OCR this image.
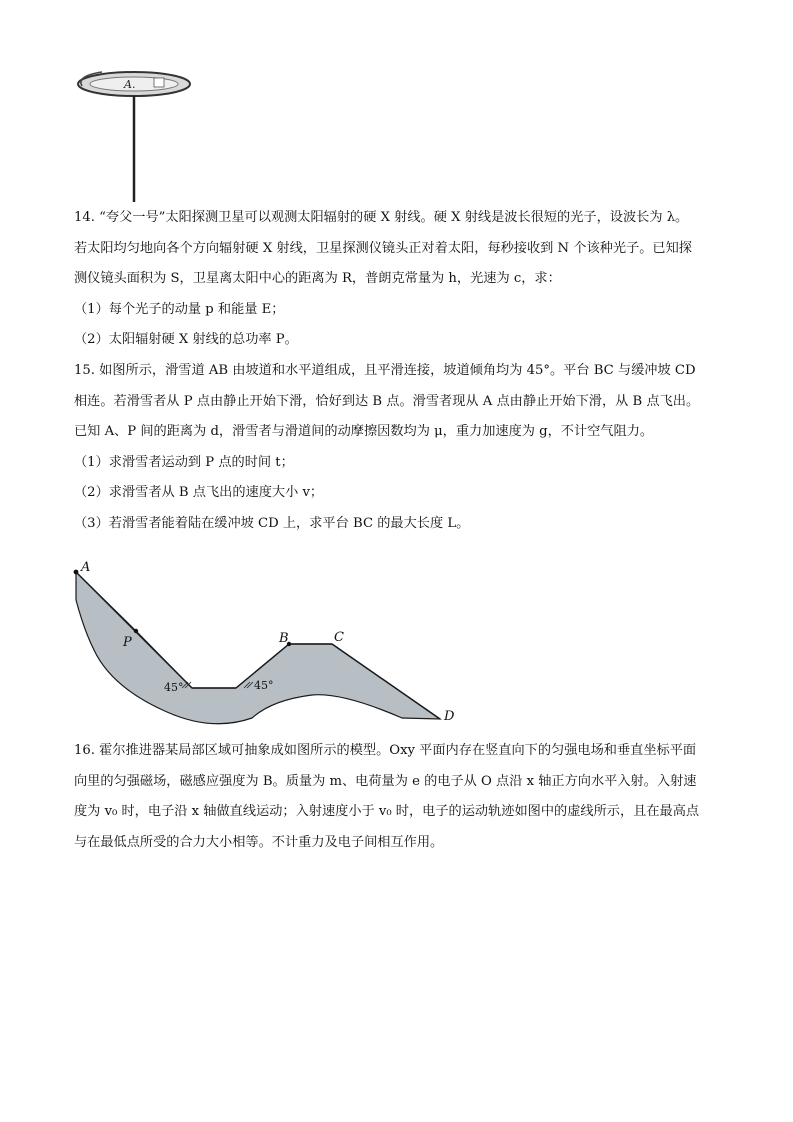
A.
14. “夸父一号”太阳探测卫星可以观测太阳辐射的硬 X 射线。硬 X 射线是波长很短的光子，设波长为 λ。
若太阳均匀地向各个方向辐射硬 X 射线，卫星探测仪镜头正对着太阳，每秒接收到 N 个该种光子。已知探
测仪镜头面积为 S，卫星离太阳中心的距离为 R，普朗克常量为 h，光速为 c，求：
（1）每个光子的动量 p 和能量 E；
（2）太阳辐射硬 X 射线的总功率 P。
15. 如图所示，滑雪道 AB 由坡道和水平道组成，且平滑连接，坡道倾角均为 45°。平台 BC 与缓冲坡 CD
相连。若滑雪者从 P 点由静止开始下滑，恰好到达 B 点。滑雪者现从 A 点由静止开始下滑，从 B 点飞出。
已知 A、P 间的距离为 d，滑雪者与滑道间的动摩擦因数均为 μ，重力加速度为 g，不计空气阻力。
（1）求滑雪者运动到 P 点的时间 t；
（2）求滑雪者从 B 点飞出的速度大小 v；
（3）若滑雪者能着陆在缓冲坡 CD 上，求平台 BC 的最大长度 L。
A
P	B	C
D
45°	45°
16. 霍尔推进器某局部区域可抽象成如图所示的模型。Oxy 平面内存在竖直向下的匀强电场和垂直坐标平面
向里的匀强磁场，磁感应强度为 B。质量为 m、电荷量为 e 的电子从 O 点沿 x 轴正方向水平入射。入射速
度为 v₀ 时，电子沿 x 轴做直线运动；入射速度小于 v₀ 时，电子的运动轨迹如图中的虚线所示，且在最高点
与在最低点所受的合力大小相等。不计重力及电子间相互作用。
